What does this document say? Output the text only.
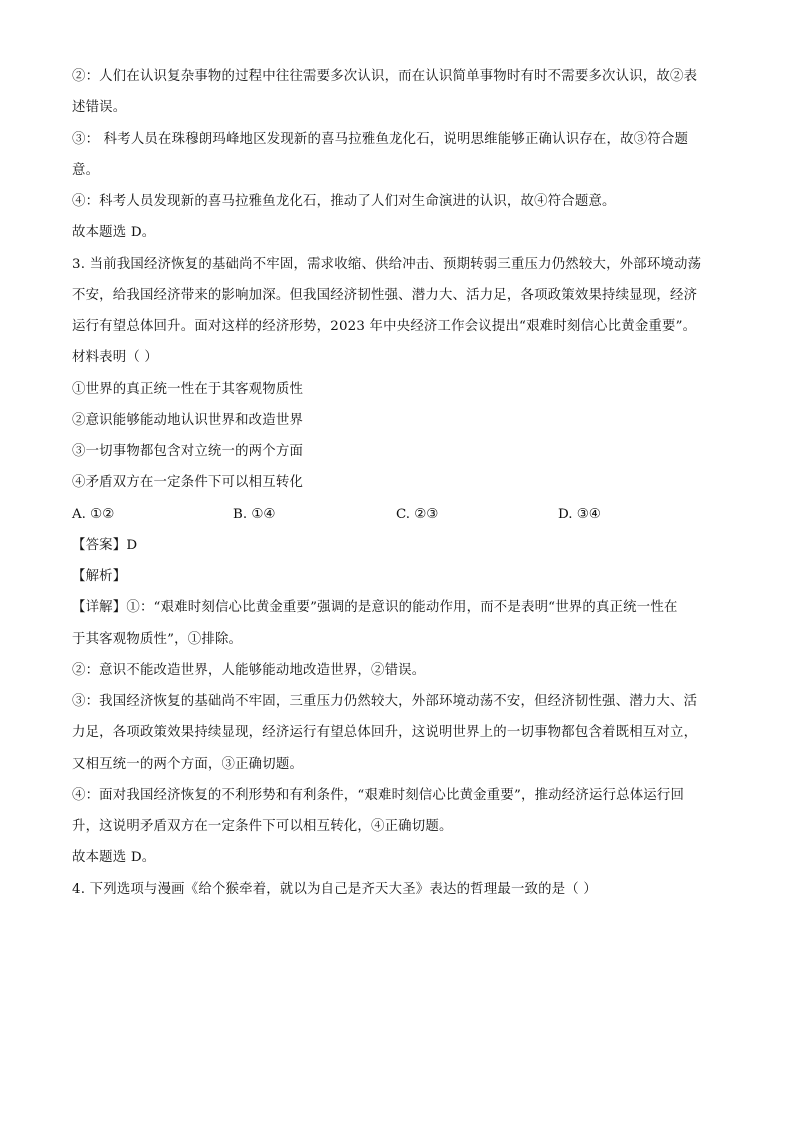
②：人们在认识复杂事物的过程中往往需要多次认识，而在认识简单事物时有时不需要多次认识，故②表
述错误。
③： 科考人员在珠穆朗玛峰地区发现新的喜马拉雅鱼龙化石，说明思维能够正确认识存在，故③符合题
意。
④：科考人员发现新的喜马拉雅鱼龙化石，推动了人们对生命演进的认识，故④符合题意。
故本题选 D。
3. 当前我国经济恢复的基础尚不牢固，需求收缩、供给冲击、预期转弱三重压力仍然较大，外部环境动荡
不安，给我国经济带来的影响加深。但我国经济韧性强、潜力大、活力足，各项政策效果持续显现，经济
运行有望总体回升。面对这样的经济形势，2023 年中央经济工作会议提出“艰难时刻信心比黄金重要”。
材料表明（ ）
①世界的真正统一性在于其客观物质性
②意识能够能动地认识世界和改造世界
③一切事物都包含对立统一的两个方面
④矛盾双方在一定条件下可以相互转化
A. ①②	B. ①④	C. ②③	D. ③④
【答案】D
【解析】
【详解】①：“艰难时刻信心比黄金重要”强调的是意识的能动作用，而不是表明“世界的真正统一性在
于其客观物质性”，①排除。
②：意识不能改造世界，人能够能动地改造世界，②错误。
③：我国经济恢复的基础尚不牢固，三重压力仍然较大，外部环境动荡不安，但经济韧性强、潜力大、活
力足，各项政策效果持续显现，经济运行有望总体回升，这说明世界上的一切事物都包含着既相互对立，
又相互统一的两个方面，③正确切题。
④：面对我国经济恢复的不利形势和有利条件，“艰难时刻信心比黄金重要”，推动经济运行总体运行回
升，这说明矛盾双方在一定条件下可以相互转化，④正确切题。
故本题选 D。
4. 下列选项与漫画《给个猴牵着，就以为自己是齐天大圣》表达的哲理最一致的是（ ）
